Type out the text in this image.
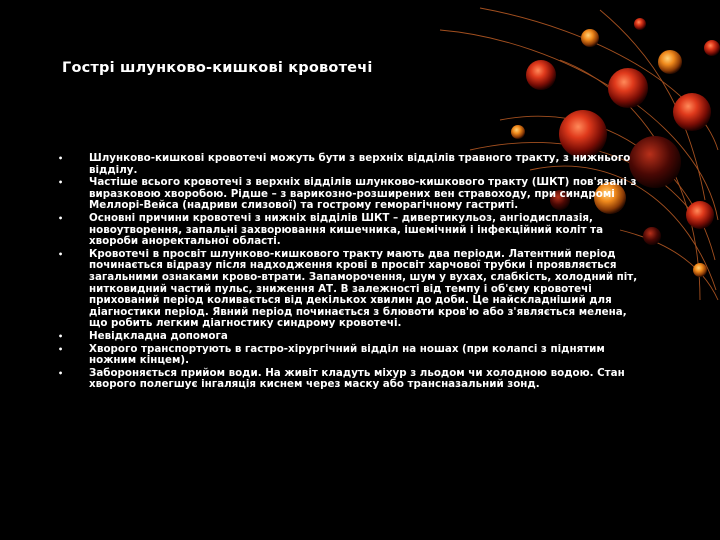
Гострі шлунково-кишкові кровотечі
•	Шлунково-кишкові кровотечі можуть бути з верхніх відділів травного тракту, з нижнього відділу.
•	Частіше всього кровотечі з верхніх відділів шлунково-кишкового тракту (ШКТ) пов'язані з виразковою хворобою. Рідше – з варикозно-розширених вен стравоходу, при синдромі Меллорі-Вейса (надриви слизової) та гострому геморагічному гастриті.
•	Основні причини кровотечі з нижніх відділів ШКТ – дивертикульоз, ангіодисплазія, новоутворення, запальні захворювання кишечника, ішемічний і інфекційний коліт та хвороби аноректальної області.
•	Кровотечі в просвіт шлунково-кишкового тракту мають два періоди. Латентний період починається відразу після надходження крові в просвіт харчової трубки і проявляється загальними ознаками крово-втрати. Запаморочення, шум у вухах, слабкість, холодний піт, нитковидний частий пульс, зниження АТ. В залежності від темпу і об'єму кровотечі прихований період коливається від декількох хвилин до доби. Це найскладніший для діагностики період. Явний період починається з блювоти кров'ю або з'являється мелена, що робить легким діагностику синдрому кровотечі.
•	Невідкладна допомога
•	Хворого транспортують в гастро-хірургічний відділ на ношах (при колапсі з піднятим ножним кінцем).
•	Забороняється прийом води. На живіт кладуть міхур з льодом чи холодною водою. Стан хворого полегшує інгаляція киснем через маску або трансназальний зонд.
